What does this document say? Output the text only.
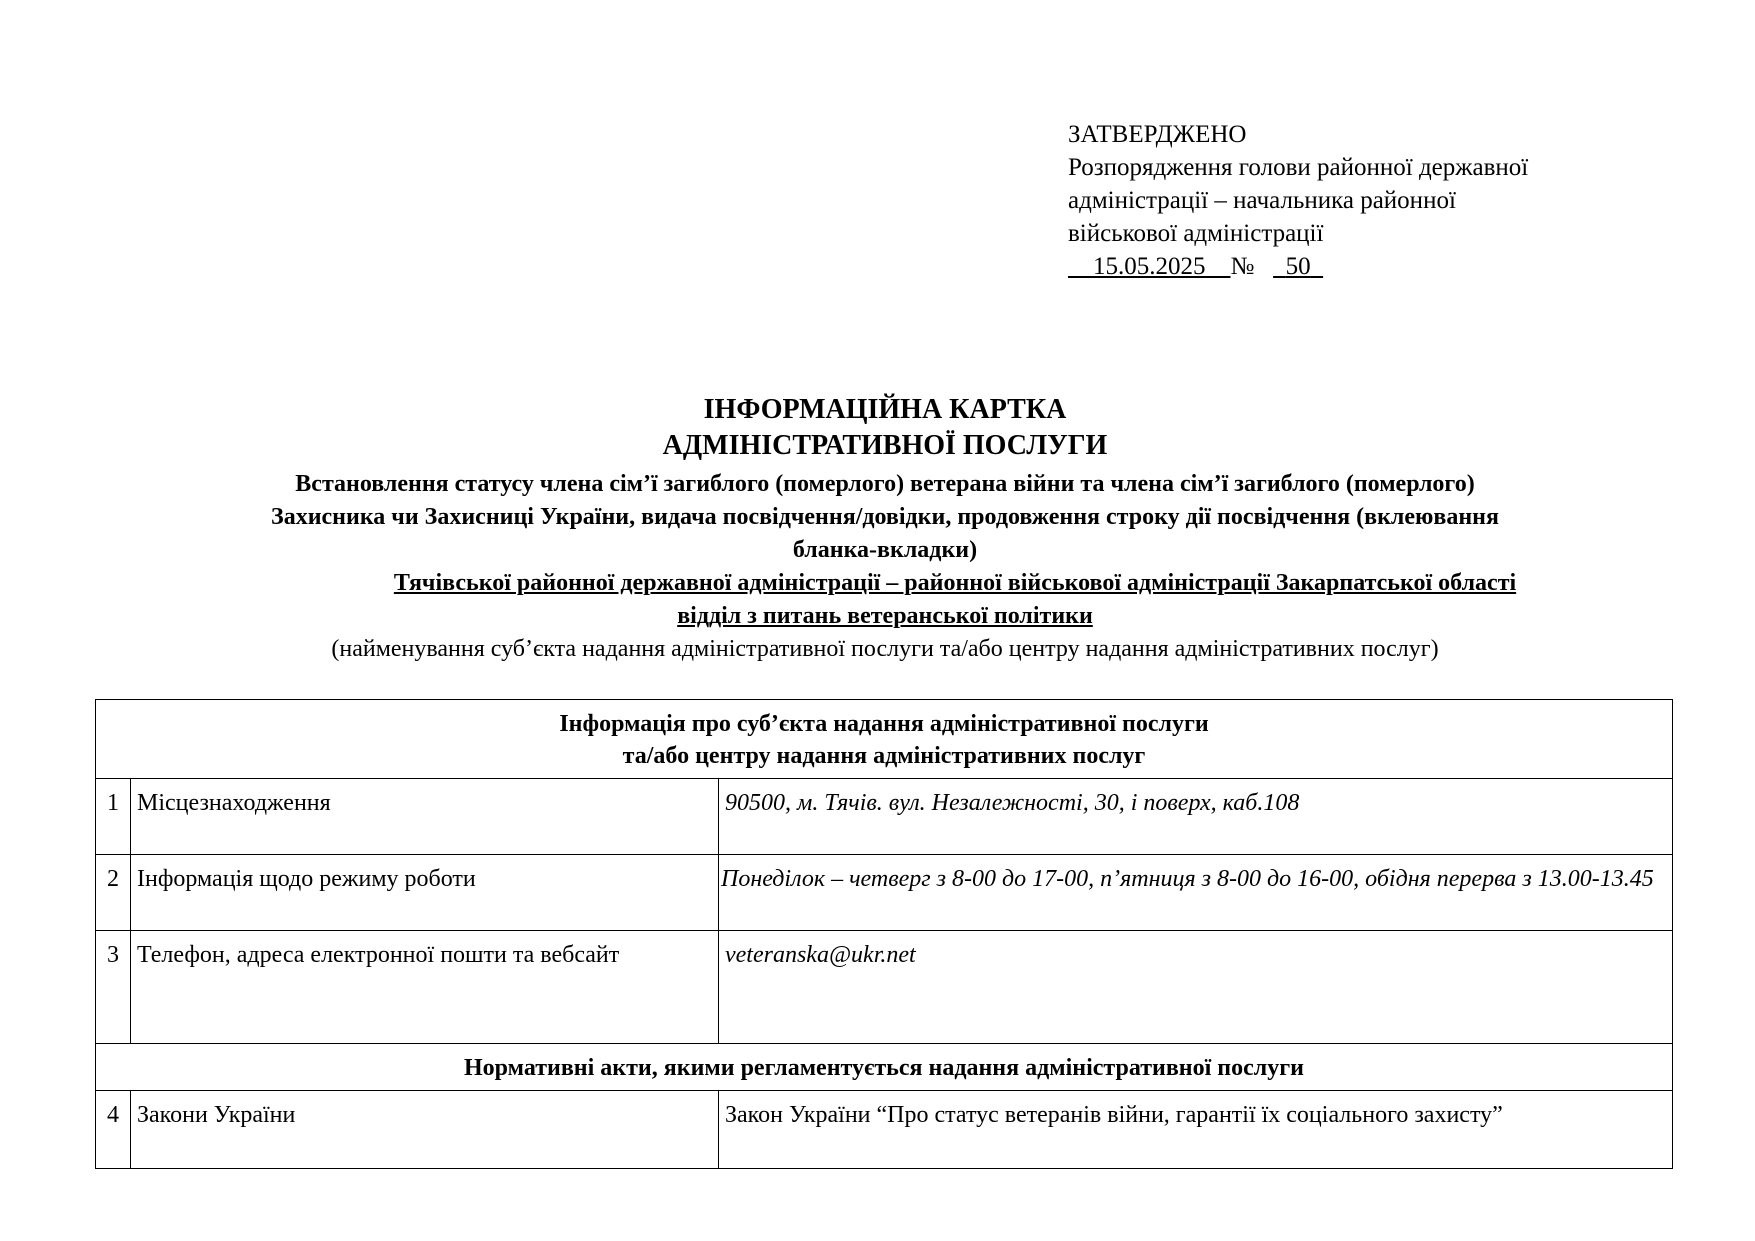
ЗАТВЕРДЖЕНО
Розпорядження голови районної державної
адміністрації – начальника районної
військової адміністрації
15.05.2025 № 50
ІНФОРМАЦІЙНА КАРТКА
АДМІНІСТРАТИВНОЇ ПОСЛУГИ
Встановлення статусу члена сім’ї загиблого (померлого) ветерана війни та члена сім’ї загиблого (померлого)
Захисника чи Захисниці України, видача посвідчення/довідки, продовження строку дії посвідчення (вклеювання
бланка-вкладки)
Тячівської районної державної адміністрації – районної військової адміністрації Закарпатської області
відділ з питань ветеранської політики
(найменування суб’єкта надання адміністративної послуги та/або центру надання адміністративних послуг)
Інформація про суб’єкта надання адміністративної послуги
та/або центру надання адміністративних послуг		

1	Місцезнаходження	90500, м. Тячів. вул. Незалежності, 30, і поверх, каб.108
2	Інформація щодо режиму роботи	Понеділок – четверг з 8-00 до 17-00, п’ятниця з 8-00 до 16-00, обідня перерва з 13.00-13.45
3	Телефон, адреса електронної пошти та вебсайт	veteranska@ukr.net
Нормативні акти, якими регламентується надання адміністративної послуги		
4	Закони України	Закон України “Про статус ветеранів війни, гарантії їх соціального захисту”
